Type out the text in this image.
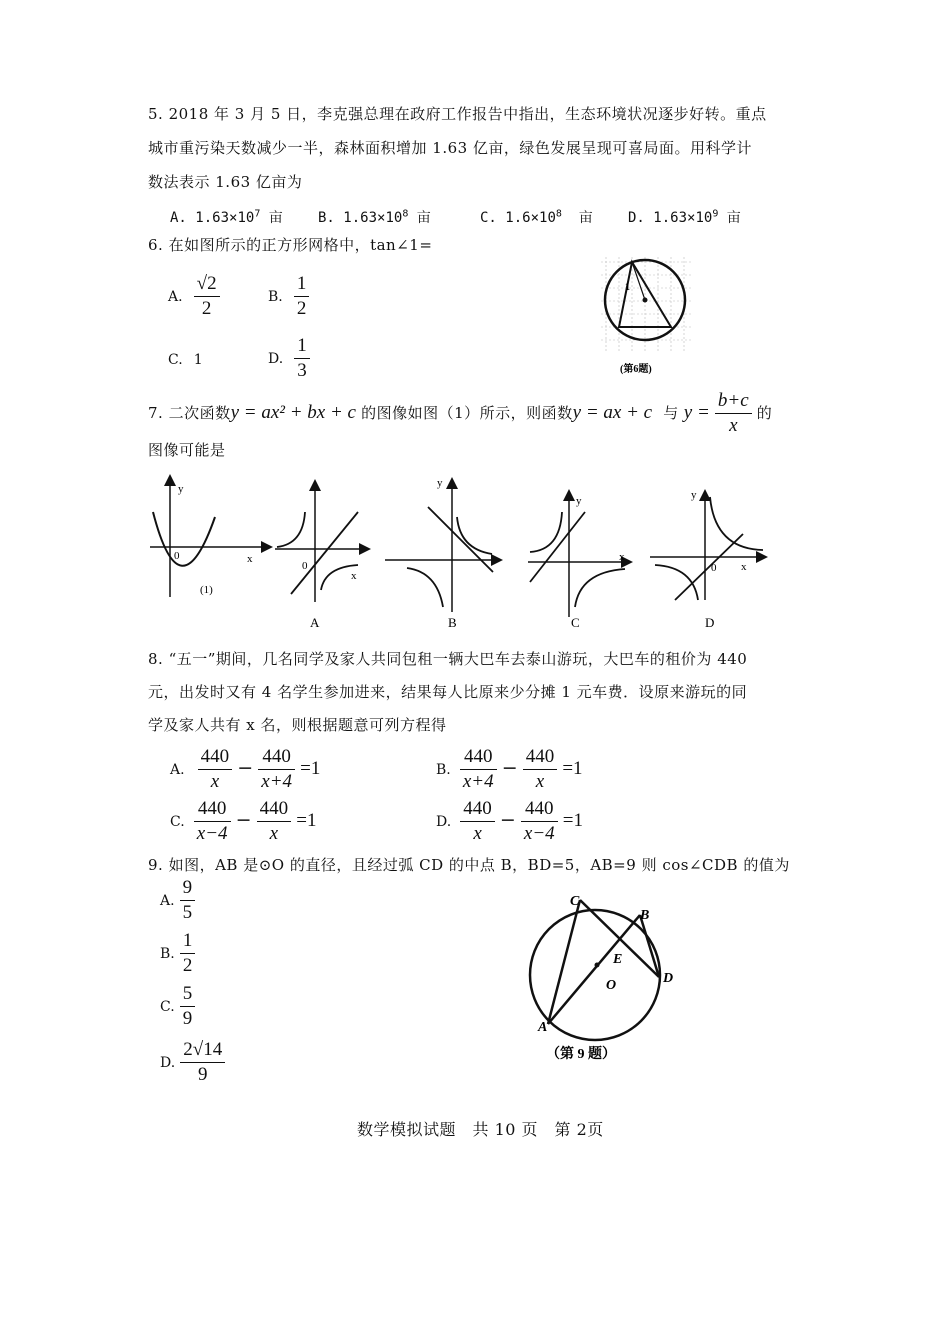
5. 2018 年 3 月 5 日，李克强总理在政府工作报告中指出，生态环境状况逐步好转。重点
城市重污染天数减少一半，森林面积增加 1.63 亿亩，绿色发展呈现可喜局面。用科学计
数法表示 1.63 亿亩为
A. $1.63\times 10^7$ 亩	B. $1.63\times 10^8$ 亩	C. $1.6\times 10^8$ 亩	D. $1.63\times 10^9$ 亩
6. 在如图所示的正方形网格中，tan∠1=
A. $\frac{√2}{2}$	B. $\frac{1}{2}$
C. 1	D. $\frac{1}{3}$
1
(第6题)
7. 二次函数y = ax² + bx + c 的图像如图（1）所示，则函数y = ax + c 与 $y = \frac{b+c}{x}$ 的
图像可能是
0
y
x
(1)
0
x
A
y
B
y
x
C
0
y
x
D
8. “五一”期间，几名同学及家人共同包租一辆大巴车去泰山游玩，大巴车的租价为 440
元，出发时又有 4 名学生参加进来，结果每人比原来少分摊 1 元车费．设原来游玩的同
学及家人共有 x 名，则根据题意可列方程得
A. $\frac{440}{x} - \frac{440}{x+4} =1$	B. $\frac{440}{x+4} - \frac{440}{x} =1$
C. $\frac{440}{x-4} - \frac{440}{x} =1$	D. $\frac{440}{x} - \frac{440}{x-4} =1$
9. 如图，AB 是⊙O 的直径，且经过弧 CD 的中点 B，BD=5，AB=9 则 cos∠CDB 的值为
A. $\frac{9}{5}$
B. $\frac{1}{2}$
C. $\frac{5}{9}$
D. $\frac{2√14}{9}$
C
B
E
D
O
A
（第 9 题）
数学模拟试题　共 10 页　第 2页
